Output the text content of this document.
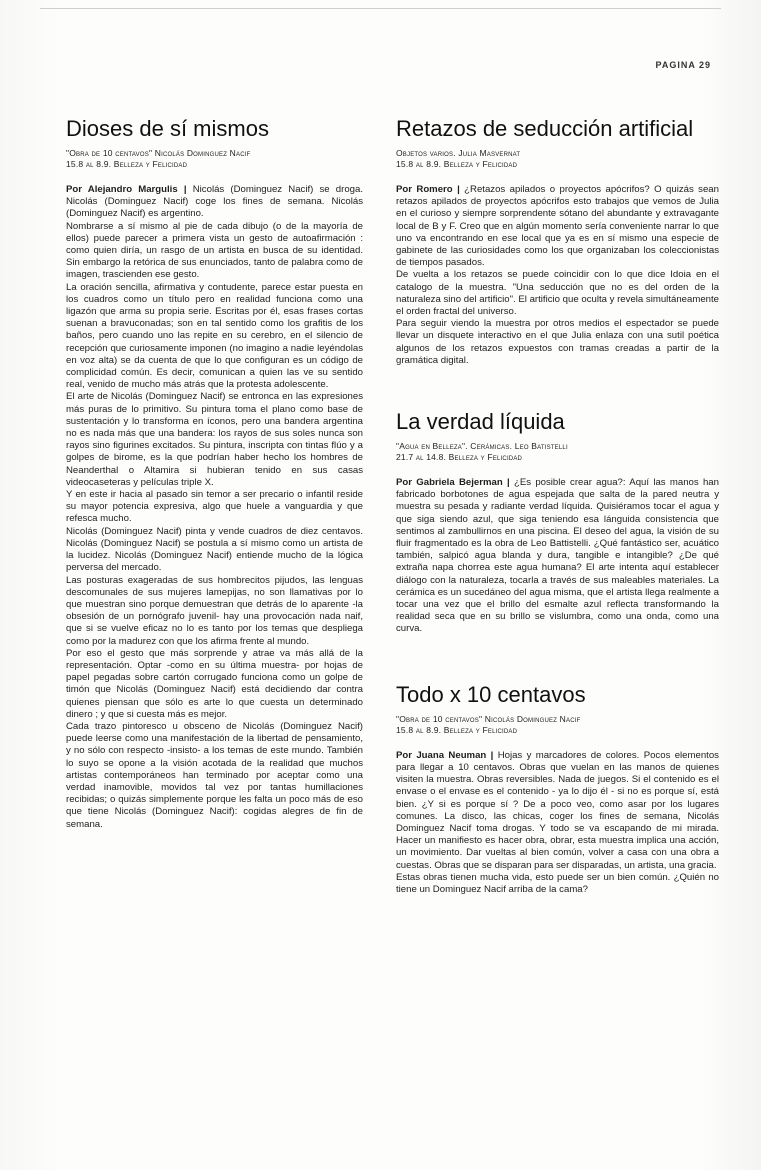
PAGINA 29
Dioses de sí mismos
"Obra de 10 centavos" Nicolás Dominguez Nacif
15.8 al 8.9. Belleza y Felicidad

Por Alejandro Margulis | Nicolás (Dominguez Nacif) se droga. Nicolás (Dominguez Nacif) coge los fines de semana. Nicolás (Dominguez Nacif) es argentino.

Nombrarse a sí mismo al pie de cada dibujo (o de la mayoría de ellos) puede parecer a primera vista un gesto de autoafirmación : como quien diría, un rasgo de un artista en busca de su identidad. Sin embargo la retórica de sus enunciados, tanto de palabra como de imagen, trascienden ese gesto.

La oración sencilla, afirmativa y contudente, parece estar puesta en los cuadros como un título pero en realidad funciona como una ligazón que arma su propia serie. Escritas por él, esas frases cortas suenan a bravuconadas; son en tal sentido como los grafitis de los baños, pero cuando uno las repite en su cerebro, en el silencio de recepción que curiosamente imponen (no imagino a nadie leyéndolas en voz alta) se da cuenta de que lo que configuran es un código de complicidad común. Es decir, comunican a quien las ve su sentido real, venido de mucho más atrás que la protesta adolescente.

El arte de Nicolás (Dominguez Nacif) se entronca en las expresiones más puras de lo primitivo. Su pintura toma el plano como base de sustentación y lo transforma en íconos, pero una bandera argentina no es nada más que una bandera: los rayos de sus soles nunca son rayos sino figurines excitados. Su pintura, inscripta con tintas flúo y a golpes de birome, es la que podrían haber hecho los hombres de Neanderthal o Altamira si hubieran tenido en sus casas videocaseteras y películas triple X.

Y en este ir hacia al pasado sin temor a ser precario o infantil reside su mayor potencia expresiva, algo que huele a vanguardia y que refesca mucho.

Nicolás (Dominguez Nacif) pinta y vende cuadros de diez centavos. Nicolás (Dominguez Nacif) se postula a sí mismo como un artista de la lucidez. Nicolás (Dominguez Nacif) entiende mucho de la lógica perversa del mercado.

Las posturas exageradas de sus hombrecitos pijudos, las lenguas descomunales de sus mujeres lamepijas, no son llamativas por lo que muestran sino porque demuestran que detrás de lo aparente -la obsesión de un pornógrafo juvenil- hay una provocación nada naif, que si se vuelve eficaz no lo es tanto por los temas que despliega como por la madurez con que los afirma frente al mundo.

Por eso el gesto que más sorprende y atrae va más allá de la representación. Optar -como en su última muestra- por hojas de papel pegadas sobre cartón corrugado funciona como un golpe de timón que Nicolás (Dominguez Nacif) está decidiendo dar contra quienes piensan que sólo es arte lo que cuesta un determinado dinero ; y que si cuesta más es mejor.

Cada trazo pintoresco u obsceno de Nicolás (Dominguez Nacif) puede leerse como una manifestación de la libertad de pensamiento, y no sólo con respecto -insisto- a los temas de este mundo. También lo suyo se opone a la visión acotada de la realidad que muchos artistas contemporáneos han terminado por aceptar como una verdad inamovible, movidos tal vez por tantas humillaciones recibidas; o quizás simplemente porque les falta un poco más de eso que tiene Nicolás (Dominguez Nacif): cogidas alegres de fin de semana.

Retazos de seducción artificial
Objetos varios. Julia Masvernat
15.8 al 8.9. Belleza y Felicidad

Por Romero | ¿Retazos apilados o proyectos apócrifos? O quizás sean retazos apilados de proyectos apócrifos esto trabajos que vemos de Julia en el curioso y siempre sorprendente sótano del abundante y extravagante local de B y F. Creo que en algún momento sería conveniente narrar lo que uno va encontrando en ese local que ya es en sí mismo una especie de gabinete de las curiosidades como los que organizaban los coleccionistas de tiempos pasados.

De vuelta a los retazos se puede coincidir con lo que dice Idoia en el catalogo de la muestra. "Una seducción que no es del orden de la naturaleza sino del artificio". El artificio que oculta y revela simultáneamente el orden fractal del universo.

Para seguir viendo la muestra por otros medios el espectador se puede llevar un disquete interactivo en el que Julia enlaza con una sutil poética algunos de los retazos expuestos con tramas creadas a partir de la gramática digital.

La verdad líquida
"Agua en Belleza". Cerámicas. Leo Batistelli
21.7 al 14.8. Belleza y Felicidad

Por Gabriela Bejerman | ¿Es posible crear agua?: Aquí las manos han fabricado borbotones de agua espejada que salta de la pared neutra y muestra su pesada y radiante verdad líquida. Quisiéramos tocar el agua y que siga siendo azul, que siga teniendo esa lánguida consistencia que sentimos al zambullirnos en una piscina. El deseo del agua, la visión de su fluir fragmentado es la obra de Leo Battistelli. ¿Qué fantástico ser, acuático también, salpicó agua blanda y dura, tangible e intangible? ¿De qué extraña napa chorrea este agua humana? El arte intenta aquí establecer diálogo con la naturaleza, tocarla a través de sus maleables materiales. La cerámica es un sucedáneo del agua misma, que el artista llega realmente a tocar una vez que el brillo del esmalte azul reflecta transformando la realidad seca que en su brillo se vislumbra, como una onda, como una curva.

Todo x 10 centavos
"Obra de 10 centavos" Nicolás Dominguez Nacif
15.8 al 8.9. Belleza y Felicidad

Por Juana Neuman | Hojas y marcadores de colores. Pocos elementos para llegar a 10 centavos. Obras que vuelan en las manos de quienes visiten la muestra. Obras reversibles. Nada de juegos. Si el contenido es el envase o el envase es el contenido - ya lo dijo él - si no es porque sí, está bien. ¿Y si es porque sí ? De a poco veo, como asar por los lugares comunes. La disco, las chicas, coger los fines de semana, Nicolás Dominguez Nacif toma drogas. Y todo se va escapando de mi mirada. Hacer un manifiesto es hacer obra, obrar, esta muestra implica una acción, un movimiento. Dar vueltas al bien común, volver a casa con una obra a cuestas. Obras que se disparan para ser disparadas, un artista, una gracia.

Estas obras tienen mucha vida, esto puede ser un bien común. ¿Quién no tiene un Dominguez Nacif arriba de la cama?
